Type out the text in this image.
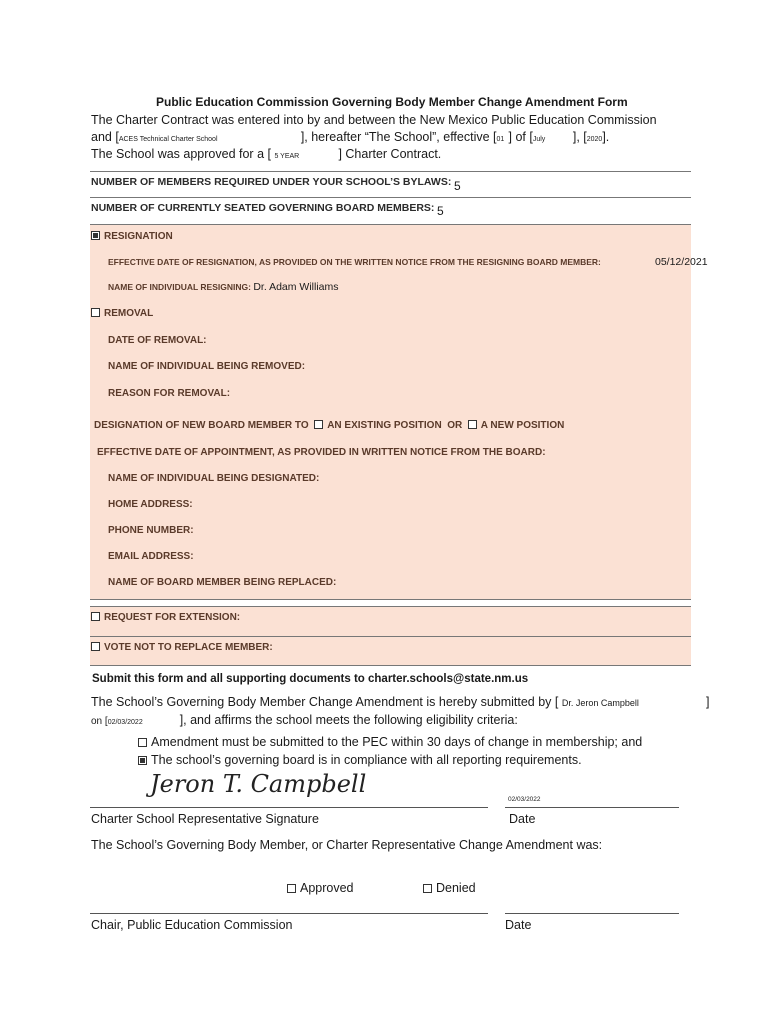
Public Education Commission Governing Body Member Change Amendment Form
The Charter Contract was entered into by and between the New Mexico Public Education Commission
and [ACES Technical Charter School	], hereafter “The School”, effective [01 ] of [July ], [2020].
The School was approved for a [ 5 YEAR	] Charter Contract.
NUMBER OF MEMBERS REQUIRED UNDER YOUR SCHOOL’S BYLAWS: 5
NUMBER OF CURRENTLY SEATED GOVERNING BOARD MEMBERS: 5
RESIGNATION
EFFECTIVE DATE OF RESIGNATION, AS PROVIDED ON THE WRITTEN NOTICE FROM THE RESIGNING BOARD MEMBER:	05/12/2021
NAME OF INDIVIDUAL RESIGNING: Dr. Adam Williams
REMOVAL
DATE OF REMOVAL:
NAME OF INDIVIDUAL BEING REMOVED:
REASON FOR REMOVAL:
DESIGNATION OF NEW BOARD MEMBER TO AN EXISTING POSITION OR A NEW POSITION
EFFECTIVE DATE OF APPOINTMENT, AS PROVIDED IN WRITTEN NOTICE FROM THE BOARD:
NAME OF INDIVIDUAL BEING DESIGNATED:
HOME ADDRESS:
PHONE NUMBER:
EMAIL ADDRESS:
NAME OF BOARD MEMBER BEING REPLACED:
REQUEST FOR EXTENSION:
VOTE NOT TO REPLACE MEMBER:
Submit this form and all supporting documents to charter.schools@state.nm.us
The School’s Governing Body Member Change Amendment is hereby submitted by [ Dr. Jeron Campbell	]
on [02/03/2022	], and affirms the school meets the following eligibility criteria:
Amendment must be submitted to the PEC within 30 days of change in membership; and
The school’s governing board is in compliance with all reporting requirements.
Jeron T. Campbell
02/03/2022
Charter School Representative Signature	Date
The School’s Governing Body Member, or Charter Representative Change Amendment was:
Approved	Denied
Chair, Public Education Commission	Date
